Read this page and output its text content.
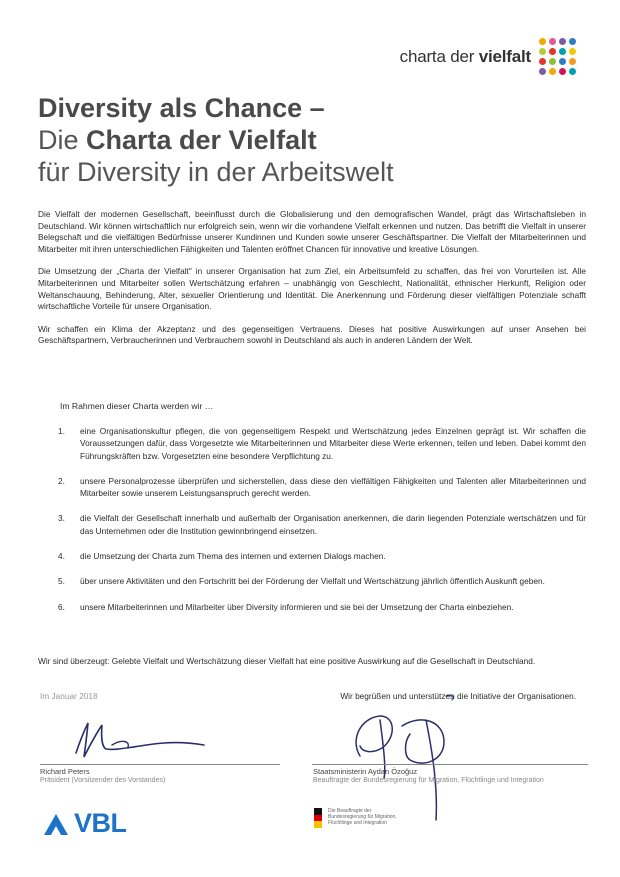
charta der vielfalt
Diversity als Chance –
Die Charta der Vielfalt
für Diversity in der Arbeitswelt

Die Vielfalt der modernen Gesellschaft, beeinflusst durch die Globalisierung und den demografischen Wandel, prägt das Wirtschaftsleben in Deutschland. Wir können wirtschaftlich nur erfolgreich sein, wenn wir die vorhandene Vielfalt erkennen und nutzen. Das betrifft die Vielfalt in unserer Belegschaft und die vielfältigen Bedürfnisse unserer Kundinnen und Kunden sowie unserer Geschäftspartner. Die Vielfalt der Mitarbeiterinnen und Mitarbeiter mit ihren unterschiedlichen Fähigkeiten und Talenten eröffnet Chancen für innovative und kreative Lösungen.

Die Umsetzung der „Charta der Vielfalt" in unserer Organisation hat zum Ziel, ein Arbeitsumfeld zu schaffen, das frei von Vorurteilen ist. Alle Mitarbeiterinnen und Mitarbeiter sollen Wertschätzung erfahren – unabhängig von Geschlecht, Nationalität, ethnischer Herkunft, Religion oder Weltanschauung, Behinderung, Alter, sexueller Orientierung und Identität. Die Anerkennung und Förderung dieser vielfältigen Potenziale schafft wirtschaftliche Vorteile für unsere Organisation.

Wir schaffen ein Klima der Akzeptanz und des gegenseitigen Vertrauens. Dieses hat positive Auswirkungen auf unser Ansehen bei Geschäftspartnern, Verbraucherinnen und Verbrauchern sowohl in Deutschland als auch in anderen Ländern der Welt.

Im Rahmen dieser Charta werden wir …
1.	eine Organisationskultur pflegen, die von gegenseitigem Respekt und Wertschätzung jedes Einzelnen geprägt ist. Wir schaffen die Voraussetzungen dafür, dass Vorgesetzte wie Mitarbeiterinnen und Mitarbeiter diese Werte erkennen, teilen und leben. Dabei kommt den Führungskräften bzw. Vorgesetzten eine besondere Verpflichtung zu.
2.	unsere Personalprozesse überprüfen und sicherstellen, dass diese den vielfältigen Fähigkeiten und Talenten aller Mitarbeiterinnen und Mitarbeiter sowie unserem Leistungsanspruch gerecht werden.
3.	die Vielfalt der Gesellschaft innerhalb und außerhalb der Organisation anerkennen, die darin liegenden Potenziale wertschätzen und für das Unternehmen oder die Institution gewinnbringend einsetzen.
4.	die Umsetzung der Charta zum Thema des internen und externen Dialogs machen.
5.	über unsere Aktivitäten und den Fortschritt bei der Förderung der Vielfalt und Wertschätzung jährlich öffentlich Auskunft geben.
6.	unsere Mitarbeiterinnen und Mitarbeiter über Diversity informieren und sie bei der Umsetzung der Charta einbeziehen.
Wir sind überzeugt: Gelebte Vielfalt und Wertschätzung dieser Vielfalt hat eine positive Auswirkung auf die Gesellschaft in Deutschland.
Im Januar 2018	Wir begrüßen und unterstützen die Initiative der Organisationen.
Richard Peters
Präsident (Vorsitzender des Vorstandes)
Staatsministerin Aydan Özoğuz
Beauftragte der Bundesregierung für Migration, Flüchtlinge und Integration
VBL	Die Beauftragte der Bundesregierung für Migration, Flüchtlinge und Integration
